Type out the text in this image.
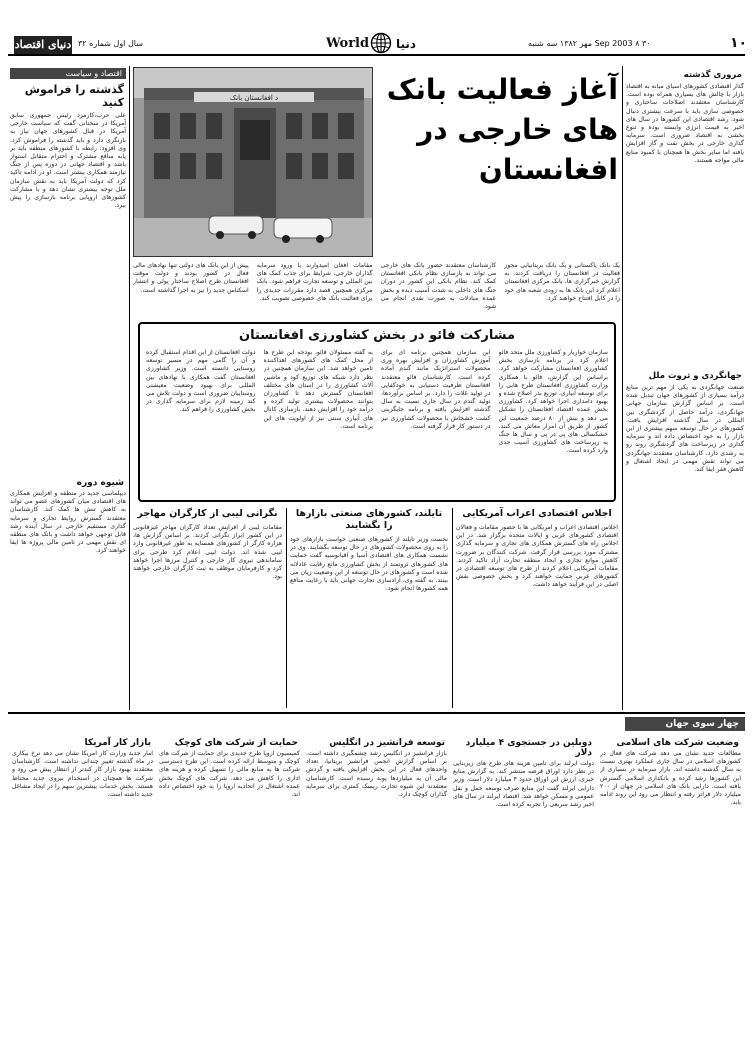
دنیای اقتصاد سال اول شماره ۳۲	World دنیا	۳۰ Sep 2003 ۸ مهر ۱۳۸۲ سه شنبه	۱۰
اقتصاد و سیاست
گذشته را فراموش کنید
علی حرب،کارمزد رئیس جمهوری سابق آمریکا در سخنانی گفت که سیاست خارجی آمریکا در قبال کشورهای جهان نیاز به بازنگری دارد و باید گذشته را فراموش کرد. وی افزود: رابطه با کشورهای منطقه باید بر پایه منافع مشترک و احترام متقابل استوار باشد و اقتصاد جهانی در دوره پس از جنگ نیازمند همکاری بیشتر است. او در ادامه تاکید کرد که دولت آمریکا باید به نقش سازمان ملل توجه بیشتری نشان دهد و با مشارکت کشورهای اروپایی برنامه بازسازی را پیش ببرد.
شیوه دوره
دیپلماسی جدید در منطقه و افزایش همکاری های اقتصادی میان کشورهای عضو می تواند به کاهش تنش ها کمک کند. کارشناسان معتقدند گسترش روابط تجاری و سرمایه گذاری مستقیم خارجی در سال آینده رشد قابل توجهی خواهد داشت و بانک های منطقه ای نقش مهمی در تامین مالی پروژه ها ایفا خواهند کرد.
د افغانستان بانک	آغاز فعالیت بانک های خارجی در افغانستان
یک بانک پاکستانی و یک بانک بریتانیایی مجوز فعالیت در افغانستان را دریافت کردند. به گزارش خبرگزاری ها، بانک مرکزی افغانستان اعلام کرد این بانک ها به زودی شعبه های خود را در کابل افتتاح خواهند کرد.
کارشناسان معتقدند حضور بانک های خارجی می تواند به بازسازی نظام بانکی افغانستان کمک کند. نظام بانکی این کشور در دوران جنگ های داخلی به شدت آسیب دیده و بخش عمده مبادلات به صورت نقدی انجام می شود.
مقامات افغان امیدوارند با ورود سرمایه گذاران خارجی، شرایط برای جذب کمک های بین المللی و توسعه تجارت فراهم شود. بانک مرکزی همچنین قصد دارد مقررات جدیدی را برای فعالیت بانک های خصوصی تصویب کند.
پیش از این بانک های دولتی تنها نهادهای مالی فعال در کشور بودند و دولت موقت افغانستان طرح اصلاح ساختار پولی و انتشار اسکناس جدید را نیز به اجرا گذاشته است.
مشارکت فائو در بخش کشاورزی افغانستان
سازمان خواربار و کشاورزی ملل متحد فائو اعلام کرد در برنامه بازسازی بخش کشاورزی افغانستان مشارکت خواهد کرد. براساس این گزارش، فائو با همکاری وزارت کشاورزی افغانستان طرح هایی را برای توسعه آبیاری، توزیع بذر اصلاح شده و بهبود دامداری اجرا خواهد کرد. کشاورزی بخش عمده اقتصاد افغانستان را تشکیل می دهد و بیش از ۸۰ درصد جمعیت این کشور از طریق آن امرار معاش می کنند. خشکسالی های پی در پی و سال ها جنگ به زیرساخت های کشاورزی آسیب جدی وارد کرده است.
این سازمان همچنین برنامه ای برای آموزش کشاورزان و افزایش بهره وری محصولات استراتژیک مانند گندم آماده کرده است. کارشناسان فائو معتقدند افغانستان ظرفیت دستیابی به خودکفایی در تولید غلات را دارد. بر اساس برآوردها، تولید گندم در سال جاری نسبت به سال گذشته افزایش یافته و برنامه جایگزینی کشت خشخاش با محصولات کشاورزی نیز در دستور کار قرار گرفته است.
به گفته مسئولان فائو، بودجه این طرح ها از محل کمک های کشورهای اهداکننده تامین خواهد شد. این سازمان همچنین در نظر دارد شبکه های توزیع کود و ماشین آلات کشاورزی را در استان های مختلف افغانستان گسترش دهد تا کشاورزان بتوانند محصولات بیشتری تولید کرده و درآمد خود را افزایش دهند. بازسازی کانال های آبیاری سنتی نیز از اولویت های این برنامه است.
دولت افغانستان از این اقدام استقبال کرده و آن را گامی مهم در مسیر توسعه روستایی دانسته است. وزیر کشاورزی افغانستان گفت همکاری با نهادهای بین المللی برای بهبود وضعیت معیشتی روستاییان ضروری است و دولت تلاش می کند زمینه لازم برای سرمایه گذاری در بخش کشاورزی را فراهم کند.
اجلاس اقتصادی اعراب آمریکایی
اجلاس اقتصادی اعراب و آمریکایی ها با حضور مقامات و فعالان اقتصادی کشورهای عربی و ایالات متحده برگزار شد. در این اجلاس راه های گسترش همکاری های تجاری و سرمایه گذاری مشترک مورد بررسی قرار گرفت. شرکت کنندگان بر ضرورت کاهش موانع تجاری و ایجاد منطقه تجارت آزاد تاکید کردند. مقامات آمریکایی اعلام کردند از طرح های توسعه اقتصادی در کشورهای عربی حمایت خواهند کرد و بخش خصوصی نقش اصلی در این فرآیند خواهد داشت.
تایلند، کشورهای صنعتی بازارها را بگشایند
نخست وزیر تایلند از کشورهای صنعتی خواست بازارهای خود را به روی محصولات کشورهای در حال توسعه بگشایند. وی در نشست همکاری های اقتصادی آسیا و اقیانوسیه گفت حمایت های کشورهای ثروتمند از بخش کشاورزی مانع رقابت عادلانه شده است و کشورهای در حال توسعه از این وضعیت زیان می بینند. به گفته وی، آزادسازی تجارت جهانی باید با رعایت منافع همه کشورها انجام شود.
نگرانی لیبی از کارگران مهاجر
مقامات لیبی از افزایش تعداد کارگران مهاجر غیرقانونی در این کشور ابراز نگرانی کردند. بر اساس گزارش ها، هزاره کارگر از کشورهای همسایه به طور غیرقانونی وارد لیبی شده اند. دولت لیبی اعلام کرد طرحی برای ساماندهی نیروی کار خارجی و کنترل مرزها اجرا خواهد کرد و کارفرمایان موظف به ثبت کارگران خارجی خواهند بود.
مروری گذشته
گذار اقتصادی کشورهای آسیای میانه به اقتصاد بازار با چالش های بسیاری همراه بوده است. کارشناسان معتقدند اصلاحات ساختاری و خصوصی سازی باید با سرعت بیشتری دنبال شود. رشد اقتصادی این کشورها در سال های اخیر به قیمت انرژی وابسته بوده و تنوع بخشی به اقتصاد ضروری است. سرمایه گذاری خارجی در بخش نفت و گاز افزایش یافته اما سایر بخش ها همچنان با کمبود منابع مالی مواجه هستند.
جهانگردی و ثروت ملل
صنعت جهانگردی به یکی از مهم ترین منابع درآمد بسیاری از کشورهای جهان تبدیل شده است. بر اساس گزارش سازمان جهانی جهانگردی، درآمد حاصل از گردشگری بین المللی در سال گذشته افزایش یافت. کشورهای در حال توسعه سهم بیشتری از این بازار را به خود اختصاص داده اند و سرمایه گذاری در زیرساخت های گردشگری روند رو به رشدی دارد. کارشناسان معتقدند جهانگردی می تواند نقش مهمی در ایجاد اشتغال و کاهش فقر ایفا کند.
چهار سوی جهان
وضعیت شرکت های اسلامی
مطالعات جدید نشان می دهد شرکت های فعال در کشورهای اسلامی در سال جاری عملکرد بهتری نسبت به سال گذشته داشته اند. بازار سرمایه در بسیاری از این کشورها رشد کرده و بانکداری اسلامی گسترش یافته است. دارایی بانک های اسلامی در جهان از ۲۰۰ میلیارد دلار فراتر رفته و انتظار می رود این روند ادامه یابد.
دوبلین در جستجوی ۴ میلیارد دلار
دولت ایرلند برای تامین هزینه های طرح های زیربنایی در نظر دارد اوراق قرضه منتشر کند. به گزارش منابع خبری، ارزش این اوراق حدود ۴ میلیارد دلار است. وزیر دارایی ایرلند گفت این منابع صرف توسعه حمل و نقل عمومی و مسکن خواهد شد. اقتصاد ایرلند در سال های اخیر رشد سریعی را تجربه کرده است.
توسعه فرانشیز در انگلیس
بازار فرانشیز در انگلیس رشد چشمگیری داشته است. بر اساس گزارش انجمن فرانشیز بریتانیا، تعداد واحدهای فعال در این بخش افزایش یافته و گردش مالی آن به میلیاردها پوند رسیده است. کارشناسان معتقدند این شیوه تجارت ریسک کمتری برای سرمایه گذاران کوچک دارد.
حمایت از شرکت های کوچک
کمیسیون اروپا طرح جدیدی برای حمایت از شرکت های کوچک و متوسط ارائه کرده است. این طرح دسترسی شرکت ها به منابع مالی را تسهیل کرده و هزینه های اداری را کاهش می دهد. شرکت های کوچک بخش عمده اشتغال در اتحادیه اروپا را به خود اختصاص داده اند.
بازار کار آمریکا
آمار جدید وزارت کار آمریکا نشان می دهد نرخ بیکاری در ماه گذشته تغییر چندانی نداشته است. کارشناسان معتقدند بهبود بازار کار کندتر از انتظار پیش می رود و شرکت ها همچنان در استخدام نیروی جدید محتاط هستند. بخش خدمات بیشترین سهم را در ایجاد مشاغل جدید داشته است.
